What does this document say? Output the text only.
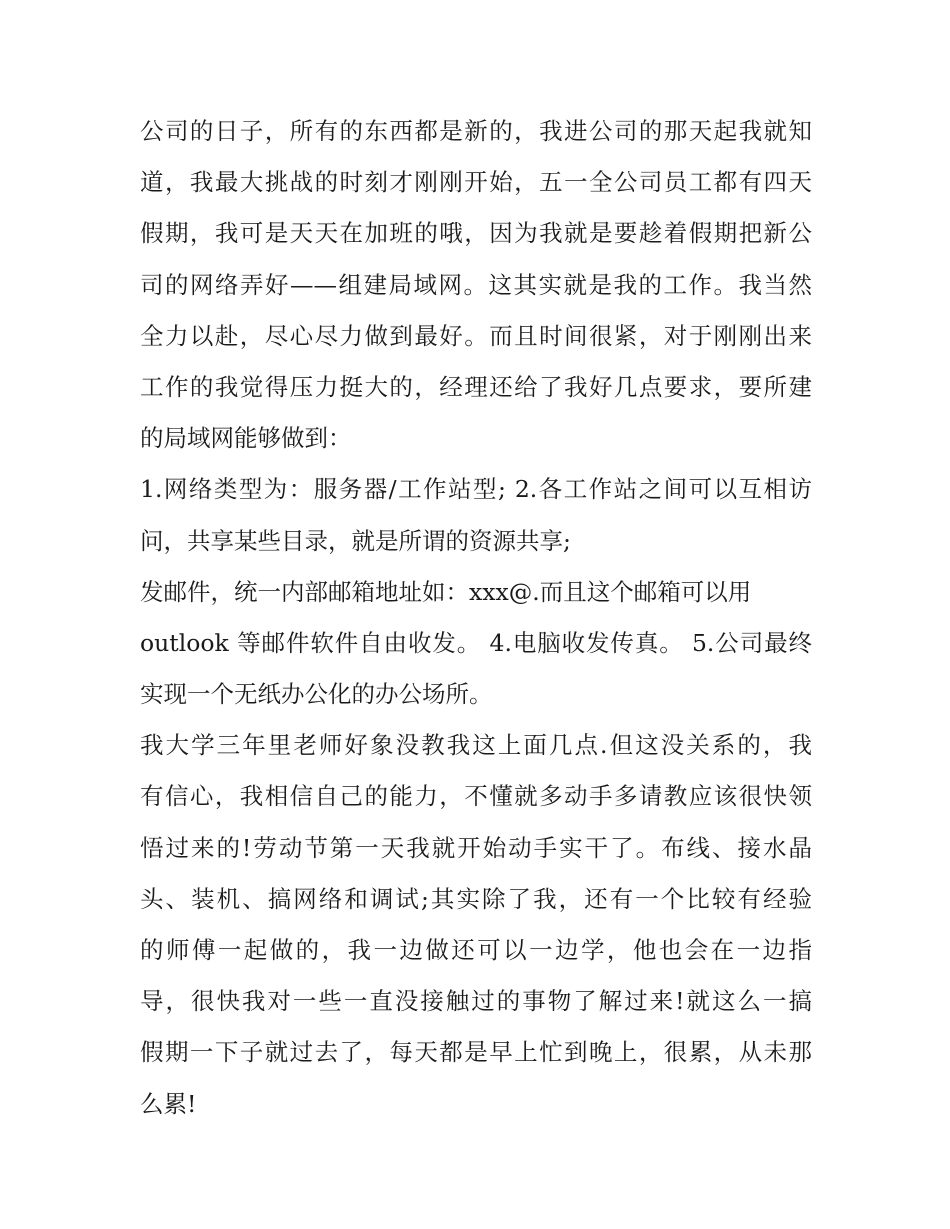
公司的日子，所有的东西都是新的，我进公司的那天起我就知
道，我最大挑战的时刻才刚刚开始，五一全公司员工都有四天
假期，我可是天天在加班的哦，因为我就是要趁着假期把新公
司的网络弄好——组建局域网。这其实就是我的工作。我当然
全力以赴，尽心尽力做到最好。而且时间很紧，对于刚刚出来
工作的我觉得压力挺大的，经理还给了我好几点要求，要所建
的局域网能够做到：
1.网络类型为：服务器/工作站型; 2.各工作站之间可以互相访
问，共享某些目录，就是所谓的资源共享;
发邮件，统一内部邮箱地址如：xxx@.而且这个邮箱可以用
outlook 等邮件软件自由收发。 4.电脑收发传真。 5.公司最终
实现一个无纸办公化的办公场所。
我大学三年里老师好象没教我这上面几点.但这没关系的，我
有信心，我相信自己的能力，不懂就多动手多请教应该很快领
悟过来的!劳动节第一天我就开始动手实干了。布线、接水晶
头、装机、搞网络和调试;其实除了我，还有一个比较有经验
的师傅一起做的，我一边做还可以一边学，他也会在一边指
导，很快我对一些一直没接触过的事物了解过来!就这么一搞
假期一下子就过去了，每天都是早上忙到晚上，很累，从未那
么累!
